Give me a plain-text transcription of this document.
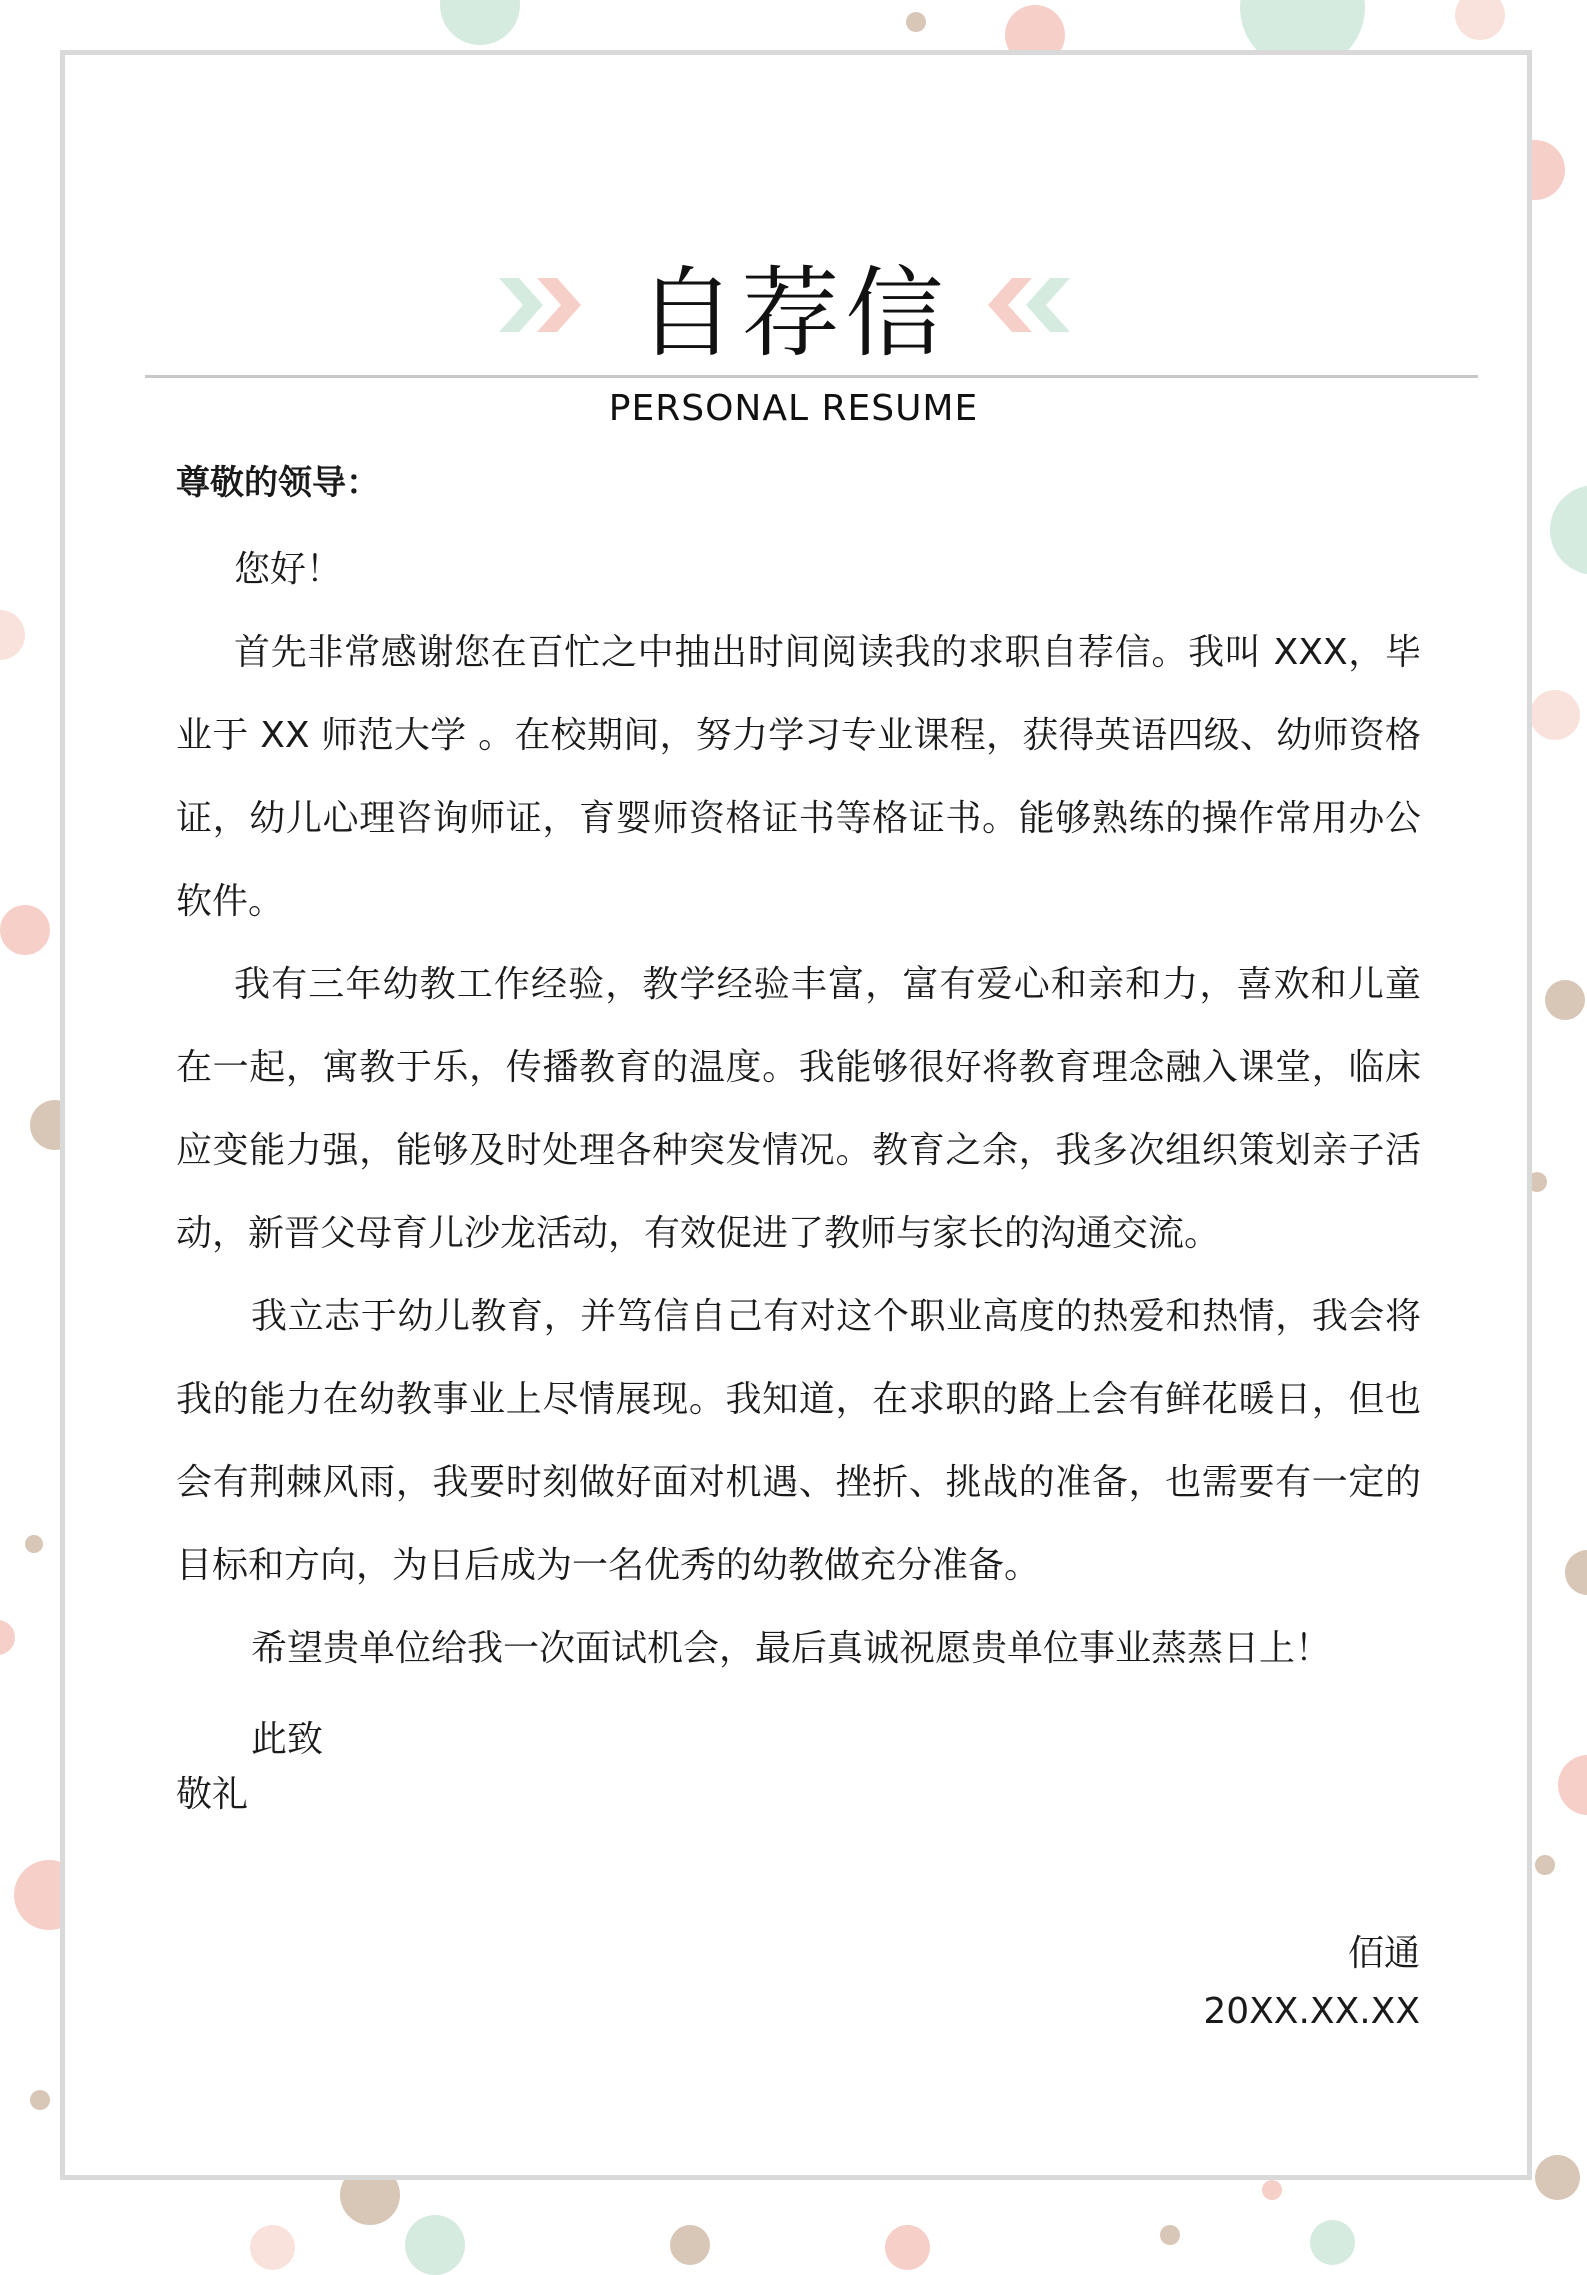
自荐信
PERSONAL RESUME
尊敬的领导：

您好！

首先非常感谢您在百忙之中抽出时间阅读我的求职自荐信。我叫 XXX，毕业于 XX 师范大学 。在校期间，努力学习专业课程，获得英语四级、幼师资格证，幼儿心理咨询师证，育婴师资格证书等格证书。能够熟练的操作常用办公软件。

我有三年幼教工作经验，教学经验丰富，富有爱心和亲和力，喜欢和儿童在一起，寓教于乐，传播教育的温度。我能够很好将教育理念融入课堂，临床应变能力强，能够及时处理各种突发情况。教育之余，我多次组织策划亲子活动，新晋父母育儿沙龙活动，有效促进了教师与家长的沟通交流。

我立志于幼儿教育，并笃信自己有对这个职业高度的热爱和热情，我会将我的能力在幼教事业上尽情展现。我知道，在求职的路上会有鲜花暖日，但也会有荆棘风雨，我要时刻做好面对机遇、挫折、挑战的准备，也需要有一定的目标和方向，为日后成为一名优秀的幼教做充分准备。

希望贵单位给我一次面试机会，最后真诚祝愿贵单位事业蒸蒸日上！

此致
敬礼
佰通
20XX.XX.XX
